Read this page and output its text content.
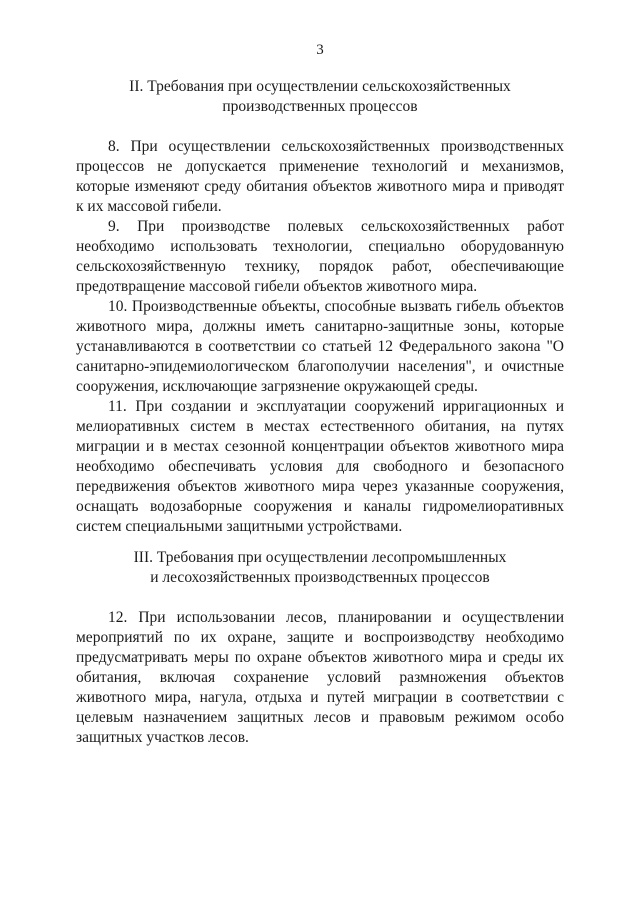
3
II. Требования при осуществлении сельскохозяйственных
производственных процессов

8. При осуществлении сельскохозяйственных производственных процессов не допускается применение технологий и механизмов, которые изменяют среду обитания объектов животного мира и приводят к их массовой гибели.

9. При производстве полевых сельскохозяйственных работ необходимо использовать технологии, специально оборудованную сельскохозяйственную технику, порядок работ, обеспечивающие предотвращение массовой гибели объектов животного мира.

10. Производственные объекты, способные вызвать гибель объектов животного мира, должны иметь санитарно-защитные зоны, которые устанавливаются в соответствии со статьей 12 Федерального закона "О санитарно-эпидемиологическом благополучии населения", и очистные сооружения, исключающие загрязнение окружающей среды.

11. При создании и эксплуатации сооружений ирригационных и мелиоративных систем в местах естественного обитания, на путях миграции и в местах сезонной концентрации объектов животного мира необходимо обеспечивать условия для свободного и безопасного передвижения объектов животного мира через указанные сооружения, оснащать водозаборные сооружения и каналы гидромелиоративных систем специальными защитными устройствами.

III. Требования при осуществлении лесопромышленных
и лесохозяйственных производственных процессов

12. При использовании лесов, планировании и осуществлении мероприятий по их охране, защите и воспроизводству необходимо предусматривать меры по охране объектов животного мира и среды их обитания, включая сохранение условий размножения объектов животного мира, нагула, отдыха и путей миграции в соответствии с целевым назначением защитных лесов и правовым режимом особо защитных участков лесов.
